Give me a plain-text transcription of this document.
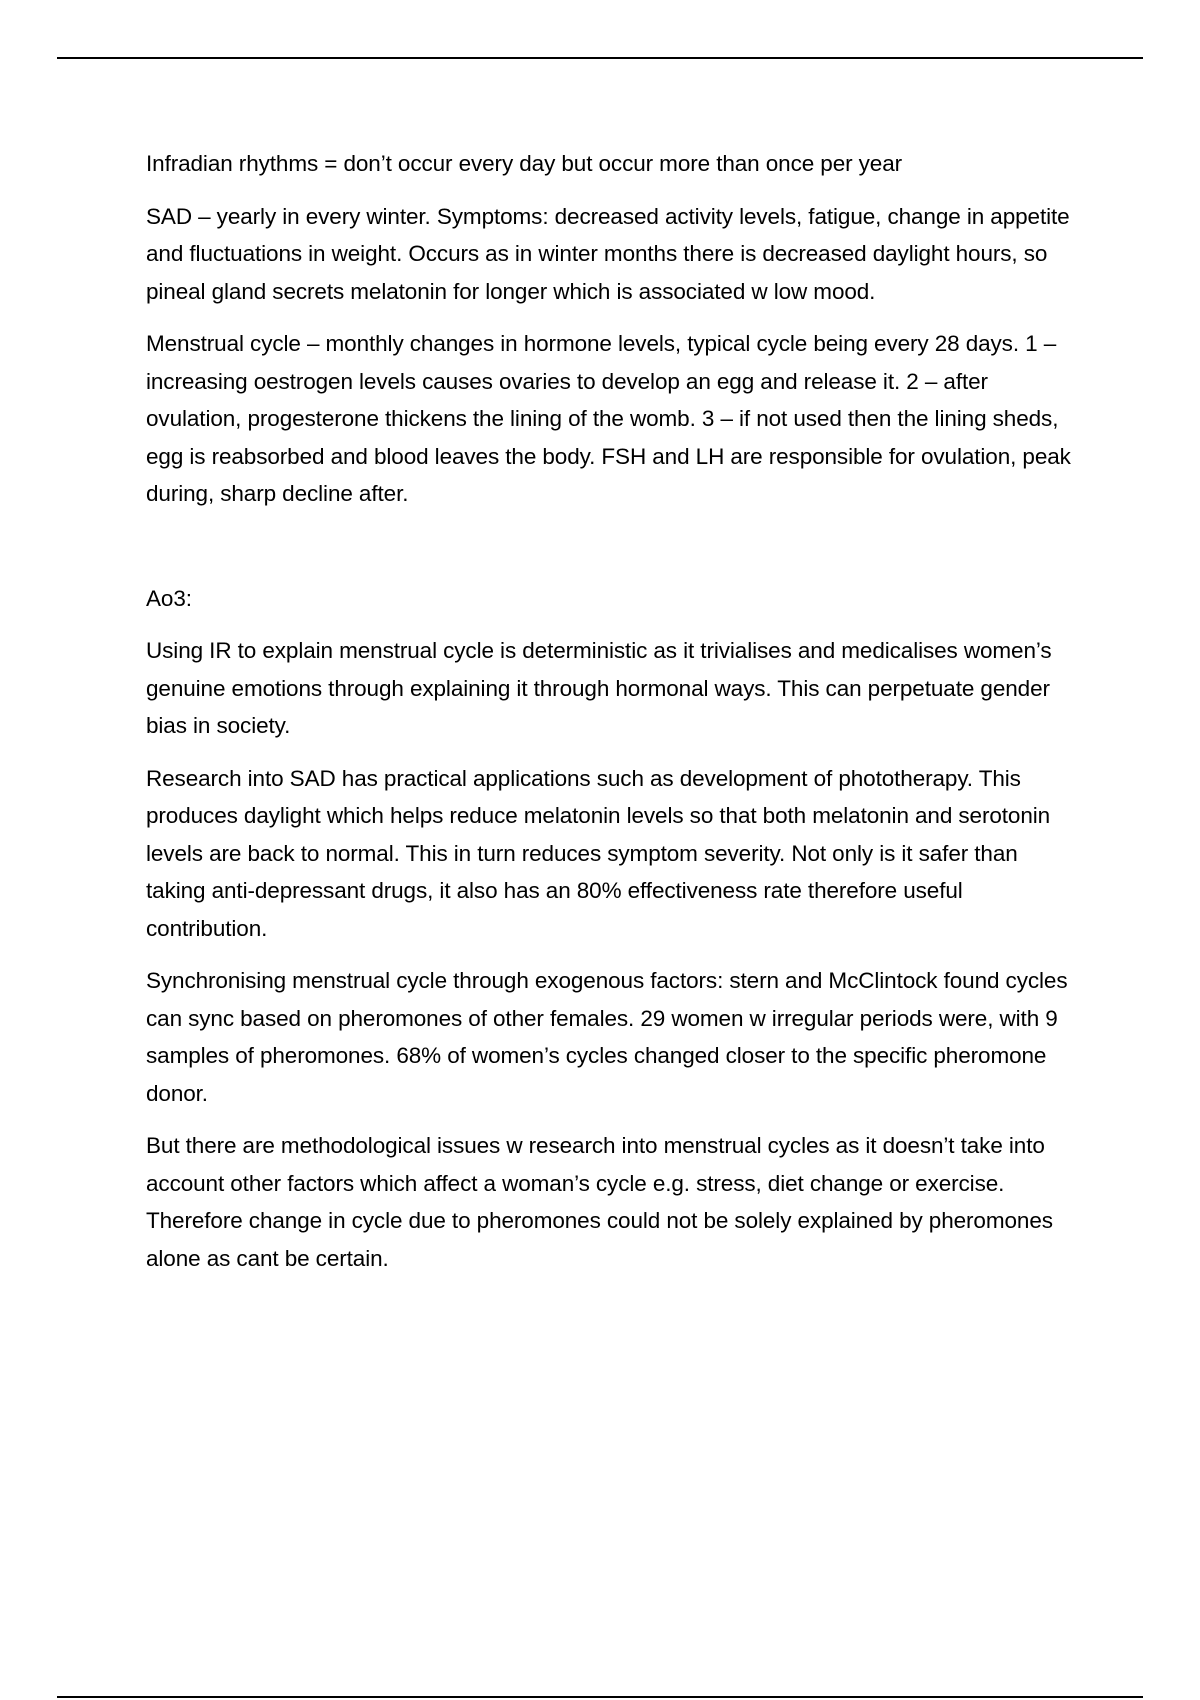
Infradian rhythms = don’t occur every day but occur more than once per year

SAD – yearly in every winter. Symptoms: decreased activity levels, fatigue, change in appetite and fluctuations in weight. Occurs as in winter months there is decreased daylight hours, so pineal gland secrets melatonin for longer which is associated w low mood.

Menstrual cycle – monthly changes in hormone levels, typical cycle being every 28 days. 1 – increasing oestrogen levels causes ovaries to develop an egg and release it. 2 – after ovulation, progesterone thickens the lining of the womb. 3 – if not used then the lining sheds, egg is reabsorbed and blood leaves the body. FSH and LH are responsible for ovulation, peak during, sharp decline after.

Ao3:

Using IR to explain menstrual cycle is deterministic as it trivialises and medicalises women’s genuine emotions through explaining it through hormonal ways. This can perpetuate gender bias in society.

Research into SAD has practical applications such as development of phototherapy. This produces daylight which helps reduce melatonin levels so that both melatonin and serotonin levels are back to normal. This in turn reduces symptom severity. Not only is it safer than taking anti-depressant drugs, it also has an 80% effectiveness rate therefore useful contribution.

Synchronising menstrual cycle through exogenous factors: stern and McClintock found cycles can sync based on pheromones of other females. 29 women w irregular periods were, with 9 samples of pheromones. 68% of women’s cycles changed closer to the specific pheromone donor.

But there are methodological issues w research into menstrual cycles as it doesn’t take into account other factors which affect a woman’s cycle e.g. stress, diet change or exercise. Therefore change in cycle due to pheromones could not be solely explained by pheromones alone as cant be certain.
